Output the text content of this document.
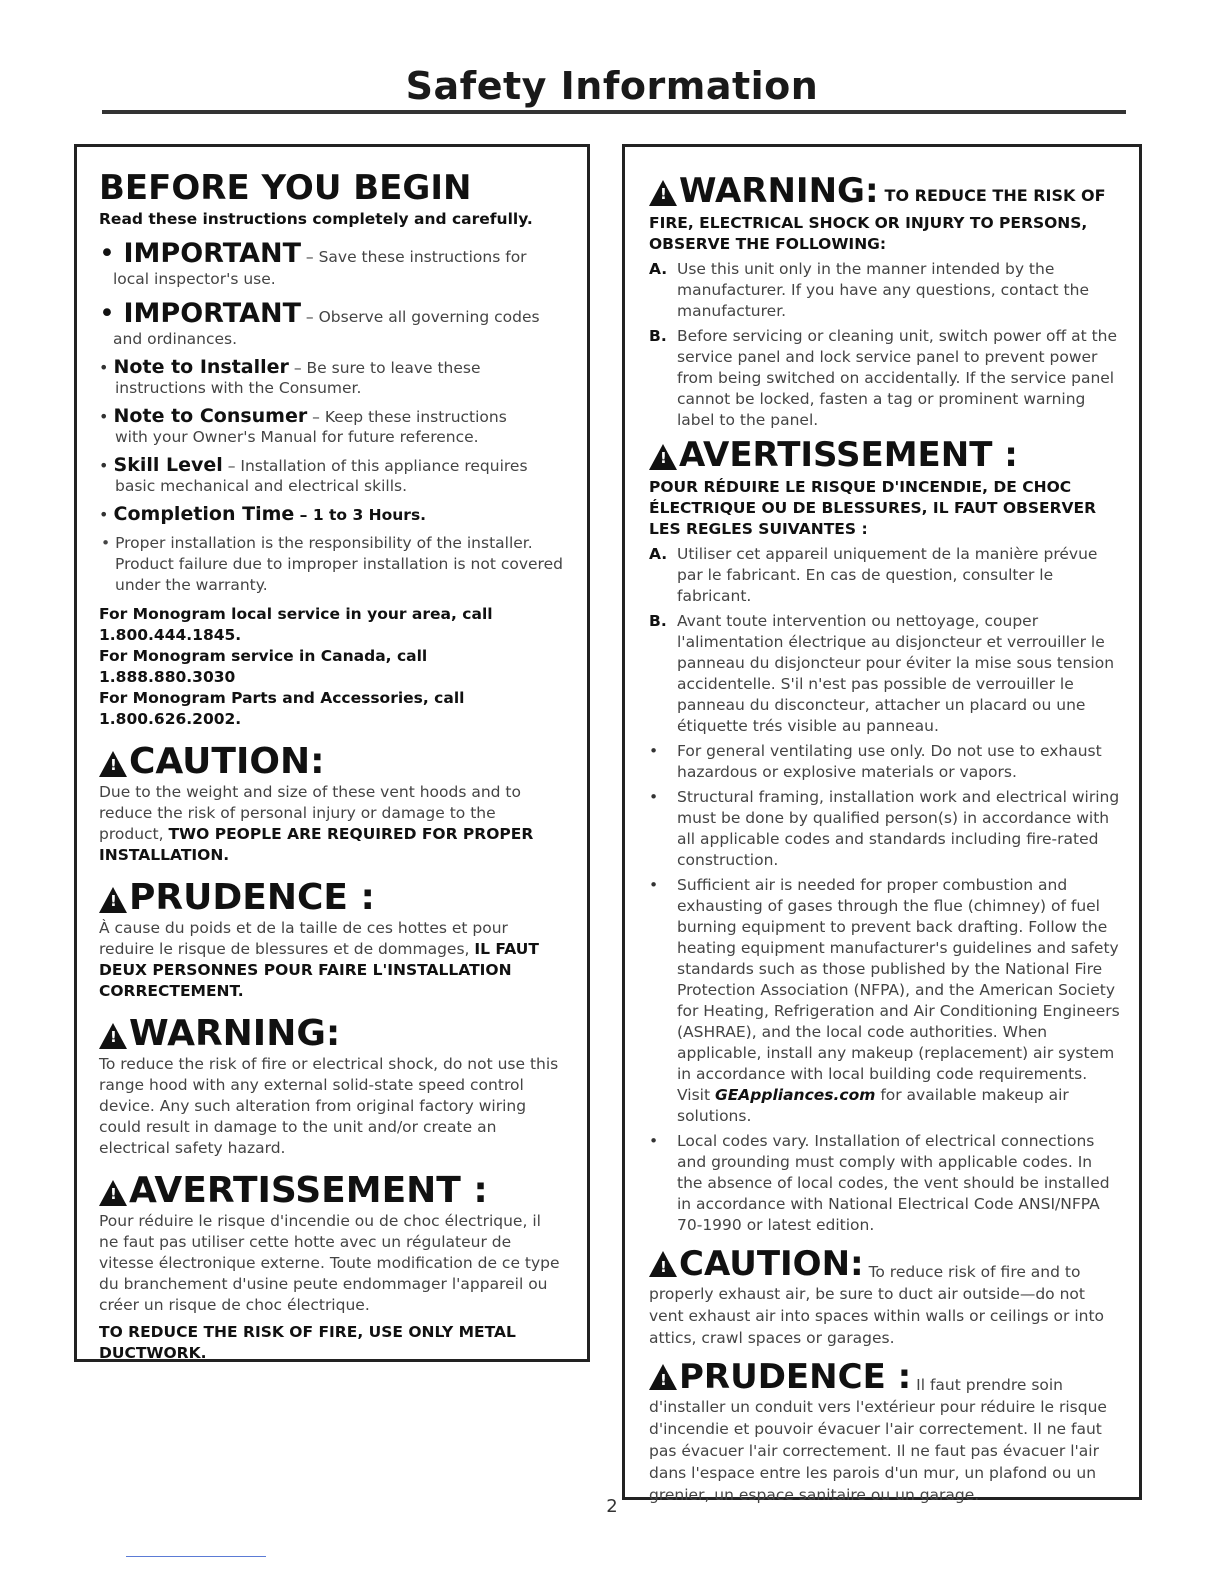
Safety Information
BEFORE YOU BEGIN
Read these instructions completely and carefully.
• IMPORTANT – Save these instructions for
local inspector's use.
• IMPORTANT – Observe all governing codes
and ordinances.
• Note to Installer – Be sure to leave these
instructions with the Consumer.
• Note to Consumer – Keep these instructions
with your Owner's Manual for future reference.
• Skill Level – Installation of this appliance requires
basic mechanical and electrical skills.
• Completion Time – 1 to 3 Hours.
• Proper installation is the responsibility of the installer. Product failure due to improper installation is not covered under the warranty.
For Monogram local service in your area, call 1.800.444.1845.
For Monogram service in Canada, call 1.888.880.3030
For Monogram Parts and Accessories, call 1.800.626.2002.
!
CAUTION:

Due to the weight and size of these vent hoods and to reduce the risk of personal injury or damage to the product, TWO PEOPLE ARE REQUIRED FOR PROPER INSTALLATION.

!
PRUDENCE :

À cause du poids et de la taille de ces hottes et pour reduire le risque de blessures et de dommages, IL FAUT DEUX PERSONNES POUR FAIRE L'INSTALLATION CORRECTEMENT.

!
WARNING:

To reduce the risk of fire or electrical shock, do not use this range hood with any external solid-state speed control device. Any such alteration from original factory wiring could result in damage to the unit and/or create an electrical safety hazard.

!
AVERTISSEMENT :

Pour réduire le risque d'incendie ou de choc électrique, il ne faut pas utiliser cette hotte avec un régulateur de vitesse électronique externe. Toute modification de ce type du branchement d'usine peute endommager l'appareil ou créer un risque de choc électrique.

TO REDUCE THE RISK OF FIRE, USE ONLY METAL DUCTWORK.
!
WARNING: TO REDUCE THE RISK OF
FIRE, ELECTRICAL SHOCK OR INJURY TO PERSONS, OBSERVE THE FOLLOWING:
A. Use this unit only in the manner intended by the manufacturer. If you have any questions, contact the manufacturer.
B. Before servicing or cleaning unit, switch power off at the service panel and lock service panel to prevent power from being switched on accidentally. If the service panel cannot be locked, fasten a tag or prominent warning label to the panel.
!
AVERTISSEMENT :
POUR RÉDUIRE LE RISQUE D'INCENDIE, DE CHOC ÉLECTRIQUE OU DE BLESSURES, IL FAUT OBSERVER LES REGLES SUIVANTES :
A. Utiliser cet appareil uniquement de la manière prévue par le fabricant. En cas de question, consulter le fabricant.
B. Avant toute intervention ou nettoyage, couper l'alimentation électrique au disjoncteur et verrouiller le panneau du disjoncteur pour éviter la mise sous tension accidentelle. S'il n'est pas possible de verrouiller le panneau du disconcteur, attacher un placard ou une étiquette trés visible au panneau.
•	For general ventilating use only. Do not use to exhaust hazardous or explosive materials or vapors.
•	Structural framing, installation work and electrical wiring must be done by qualified person(s) in accordance with all applicable codes and standards including fire-rated construction.
•	Sufficient air is needed for proper combustion and exhausting of gases through the flue (chimney) of fuel burning equipment to prevent back drafting. Follow the heating equipment manufacturer's guidelines and safety standards such as those published by the National Fire Protection Association (NFPA), and the American Society for Heating, Refrigeration and Air Conditioning Engineers (ASHRAE), and the local code authorities. When applicable, install any makeup (replacement) air system in accordance with local building code requirements. Visit GEAppliances.com for available makeup air solutions.
•	Local codes vary. Installation of electrical connections and grounding must comply with applicable codes. In the absence of local codes, the vent should be installed in accordance with National Electrical Code ANSI/NFPA 70-1990 or latest edition.
!
CAUTION: To reduce risk of fire and to properly exhaust air, be sure to duct air outside—do not vent exhaust air into spaces within walls or ceilings or into attics, crawl spaces or garages.
!
PRUDENCE : Il faut prendre soin d'installer un conduit vers l'extérieur pour réduire le risque d'incendie et pouvoir évacuer l'air correctement. Il ne faut pas évacuer l'air correctement. Il ne faut pas évacuer l'air dans l'espace entre les parois d'un mur, un plafond ou un grenier, un espace sanitaire ou un garage.
2
